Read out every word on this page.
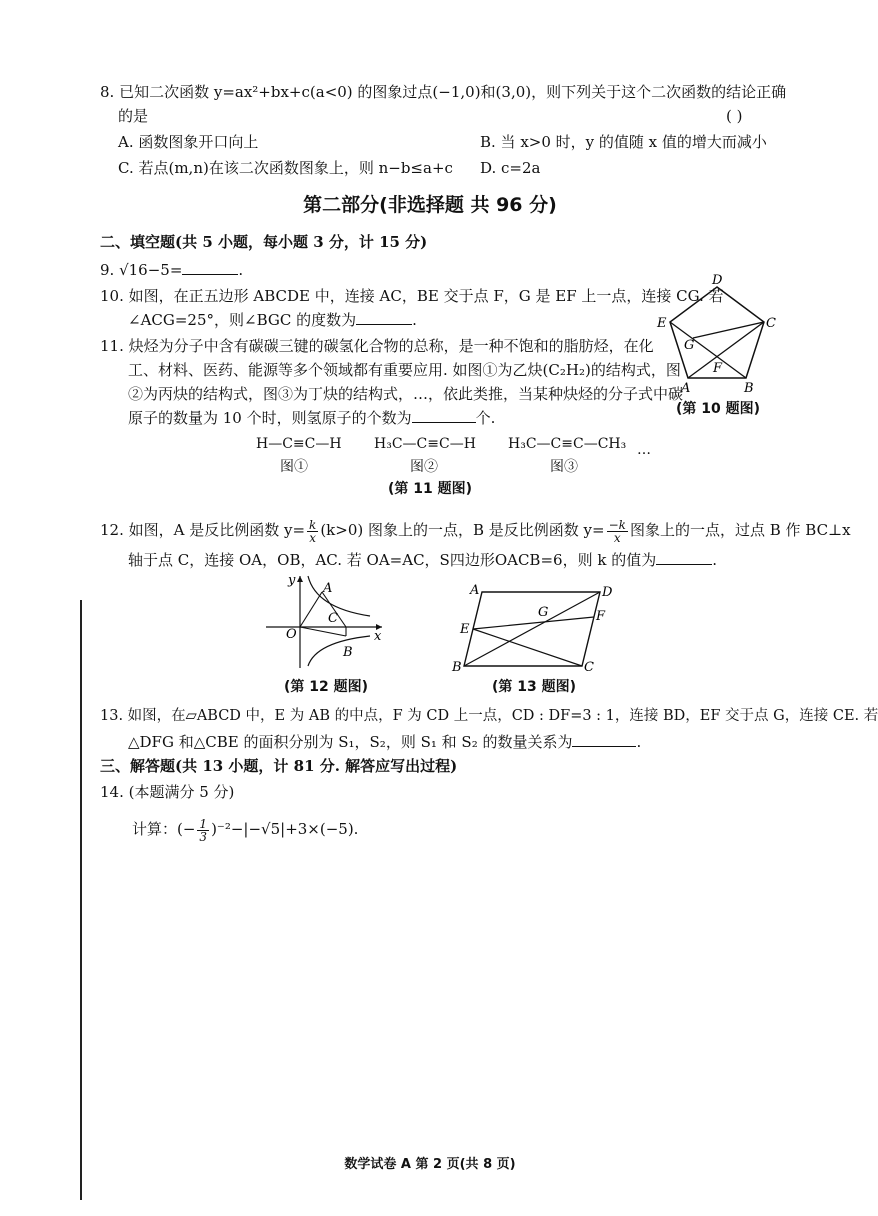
8. 已知二次函数 y=ax²+bx+c(a<0) 的图象过点(−1,0)和(3,0)，则下列关于这个二次函数的结论正确
的是	( )
A. 函数图象开口向上	B. 当 x>0 时，y 的值随 x 值的增大而减小
C. 若点(m,n)在该二次函数图象上，则 n−b≤a+c D. c=2a
第二部分(非选择题 共 96 分)
二、填空题(共 5 小题，每小题 3 分，计 15 分)
9. √16−5=	.
10. 如图，在正五边形 ABCDE 中，连接 AC，BE 交于点 F，G 是 EF 上一点，连接 CG. 若
∠ACG=25°，则∠BGC 的度数为	.
D
E	C
G
F
A	B
(第 10 题图)
11. 炔烃为分子中含有碳碳三键的碳氢化合物的总称，是一种不饱和的脂肪烃，在化
工、材料、医药、能源等多个领域都有重要应用. 如图①为乙炔(C₂H₂)的结构式，图
②为丙炔的结构式，图③为丁炔的结构式，…，依此类推，当某种炔烃的分子式中碳
原子的数量为 10 个时，则氢原子的个数为	个.
H—C≡C—H H₃C—C≡C—H H₃C—C≡C—CH₃ …
图①	图②	图③
(第 11 题图)
12. 如图，A 是反比例函数 $y= \frac{k}{x} (k>0)$ 图象上的一点，B 是反比例函数 $y= \frac{-k}{x}$ 图象上的一点，过点 B 作 BC⊥x
轴于点 C，连接 OA，OB，AC. 若 OA=AC，S四边形OACB=6，则 k 的值为	.
y
x
O
A
C
B
(第 12 题图)
A	D
G	F
E
B	C
(第 13 题图)
13. 如图，在▱ABCD 中，E 为 AB 的中点，F 为 CD 上一点，CD : DF=3 : 1，连接 BD，EF 交于点 G，连接 CE. 若
△DFG 和△CBE 的面积分别为 S₁，S₂，则 S₁ 和 S₂ 的数量关系为	.
三、解答题(共 13 小题，计 81 分. 解答应写出过程)
14. (本题满分 5 分)
计算：(− $\frac{1}{3} )^{-2}-|-√5|+3\times(-5)$.
数学试卷 A 第 2 页(共 8 页)
